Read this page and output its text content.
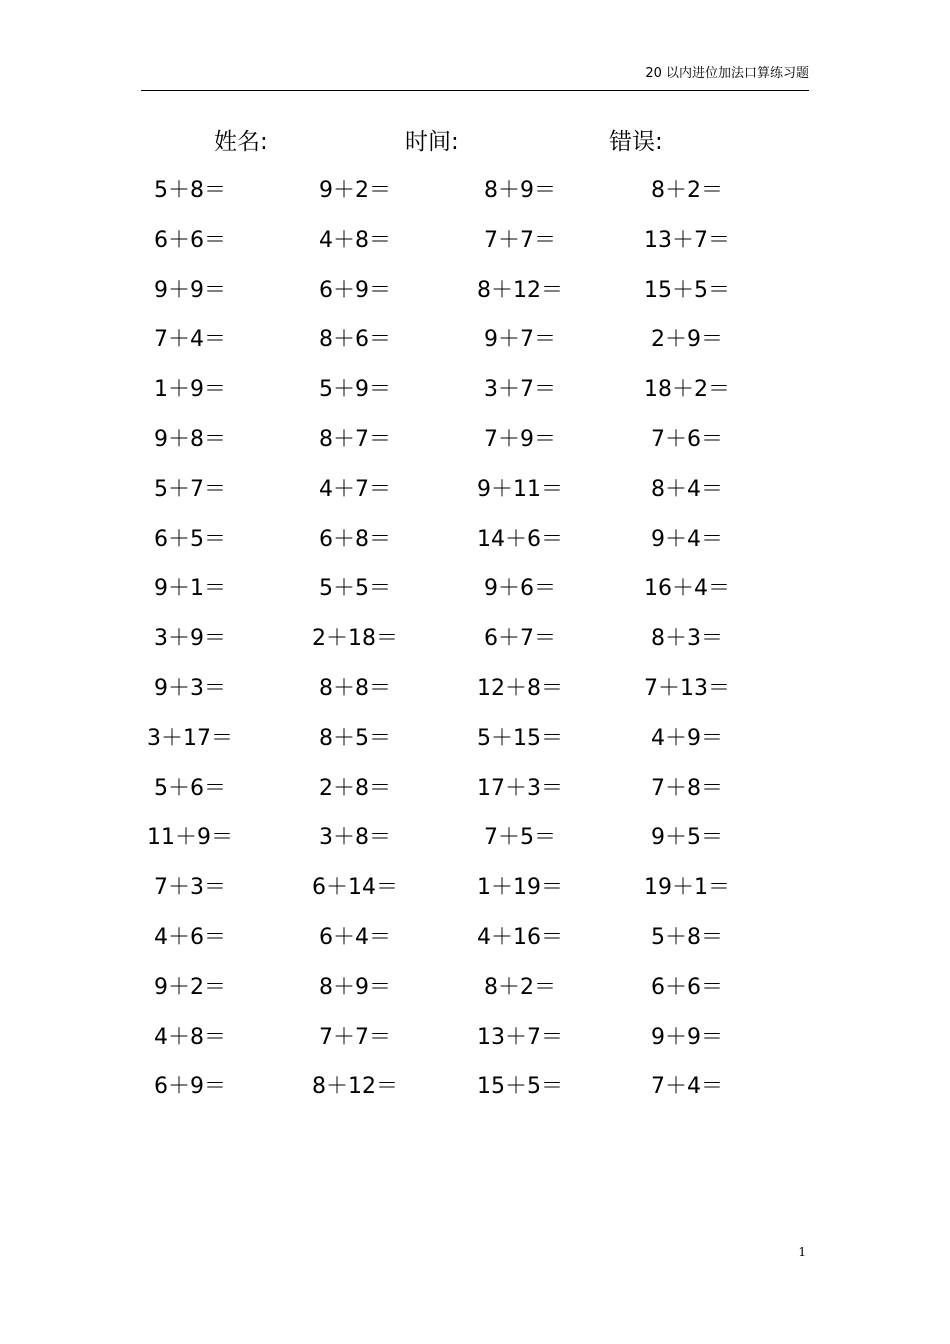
20 以内进位加法口算练习题
姓名:	时间:	错误:
5＋8＝	9＋2＝	8＋9＝	8＋2＝
6＋6＝	4＋8＝	7＋7＝	13＋7＝
9＋9＝	6＋9＝	8＋12＝	15＋5＝
7＋4＝	8＋6＝	9＋7＝	2＋9＝
1＋9＝	5＋9＝	3＋7＝	18＋2＝
9＋8＝	8＋7＝	7＋9＝	7＋6＝
5＋7＝	4＋7＝	9＋11＝	8＋4＝
6＋5＝	6＋8＝	14＋6＝	9＋4＝
9＋1＝	5＋5＝	9＋6＝	16＋4＝
3＋9＝	2＋18＝	6＋7＝	8＋3＝
9＋3＝	8＋8＝	12＋8＝	7＋13＝
3＋17＝	8＋5＝	5＋15＝	4＋9＝
5＋6＝	2＋8＝	17＋3＝	7＋8＝
11＋9＝	3＋8＝	7＋5＝	9＋5＝
7＋3＝	6＋14＝	1＋19＝	19＋1＝
4＋6＝	6＋4＝	4＋16＝	5＋8＝
9＋2＝	8＋9＝	8＋2＝	6＋6＝
4＋8＝	7＋7＝	13＋7＝	9＋9＝
6＋9＝	8＋12＝	15＋5＝	7＋4＝
1
